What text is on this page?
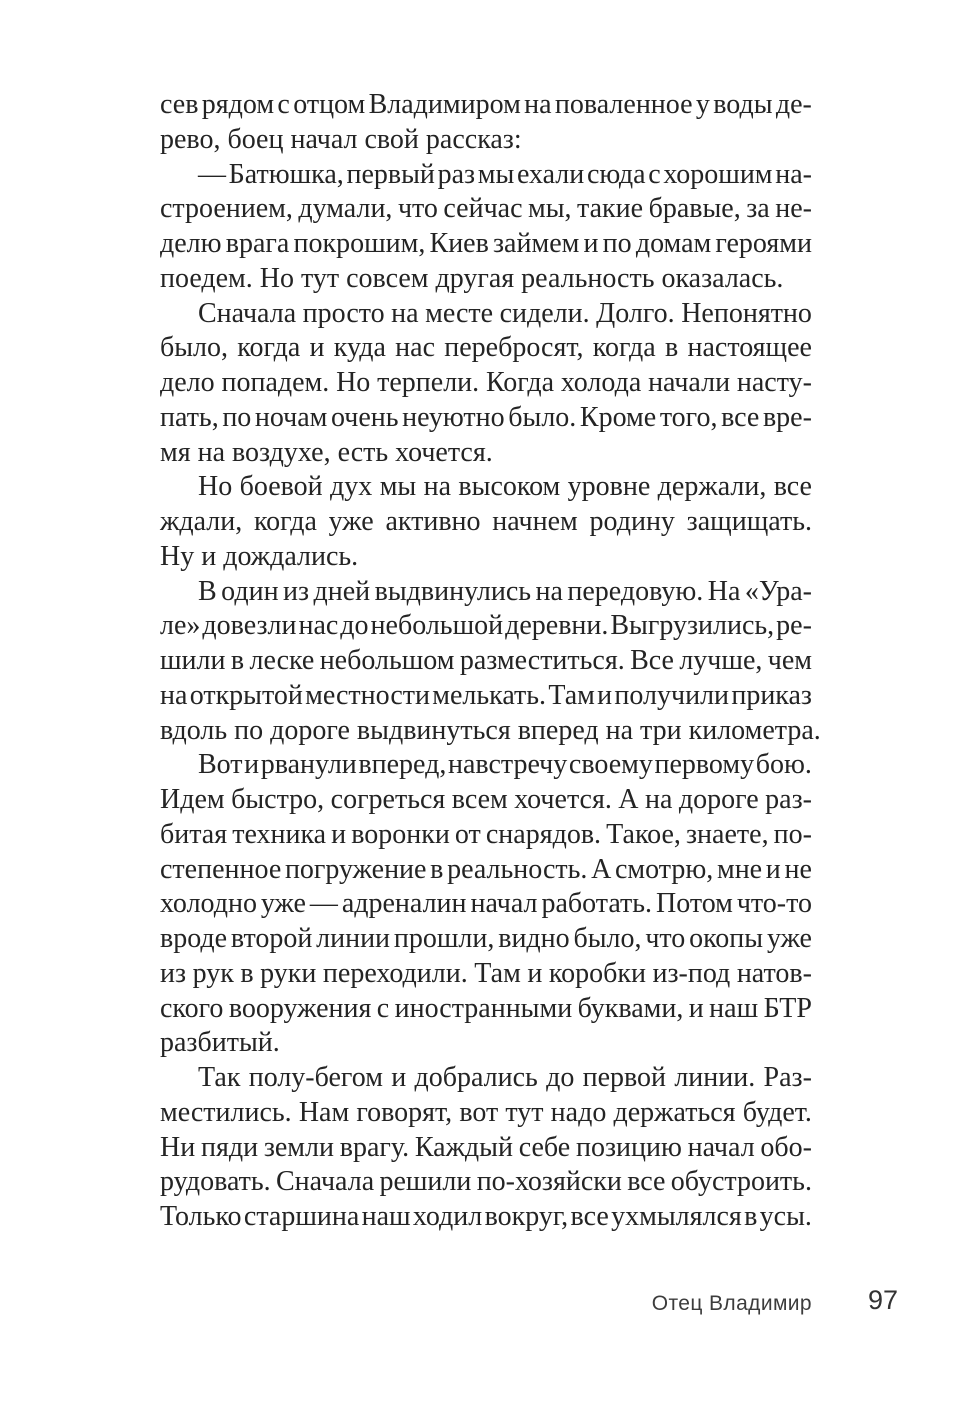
сев рядом с отцом Владимиром на поваленное у воды де-
рево, боец начал свой рассказ:
— Батюшка, первый раз мы ехали сюда с хорошим на-
строением, думали, что сейчас мы, такие бравые, за не-
делю врага покрошим, Киев займем и по домам героями
поедем. Но тут совсем другая реальность оказалась.
Сначала просто на месте сидели. Долго. Непонятно
было, когда и куда нас перебросят, когда в настоящее
дело попадем. Но терпели. Когда холода начали насту-
пать, по ночам очень неуютно было. Кроме того, все вре-
мя на воздухе, есть хочется.
Но боевой дух мы на высоком уровне держали, все
ждали, когда уже активно начнем родину защищать.
Ну и дождались.
В один из дней выдвинулись на передовую. На «Ура-
ле» довезли нас до небольшой деревни. Выгрузились, ре-
шили в леске небольшом разместиться. Все лучше, чем
на открытой местности мелькать. Там и получили приказ
вдоль по дороге выдвинуться вперед на три километра.
Вот и рванули вперед, навстречу своему первому бою.
Идем быстро, согреться всем хочется. А на дороге раз-
битая техника и воронки от снарядов. Такое, знаете, по-
степенное погружение в реальность. А смотрю, мне и не
холодно уже — адреналин начал работать. Потом что-то
вроде второй линии прошли, видно было, что окопы уже
из рук в руки переходили. Там и коробки из-под натов-
ского вооружения с иностранными буквами, и наш БТР
разбитый.
Так полу-бегом и добрались до первой линии. Раз-
местились. Нам говорят, вот тут надо держаться будет.
Ни пяди земли врагу. Каждый себе позицию начал обо-
рудовать. Сначала решили по-хозяйски все обустроить.
Только старшина наш ходил вокруг, все ухмылялся в усы.
Отец Владимир 97
